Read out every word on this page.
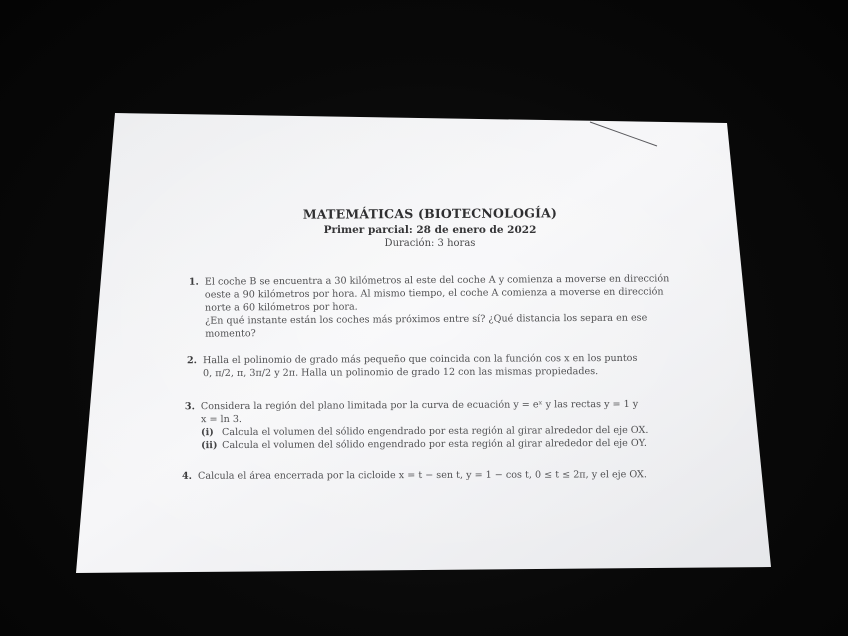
MATEMÁTICAS (BIOTECNOLOGÍA)
Primer parcial: 28 de enero de 2022
Duración: 3 horas
1. El coche B se encuentra a 30 kilómetros al este del coche A y comienza a moverse en dirección
oeste a 90 kilómetros por hora. Al mismo tiempo, el coche A comienza a moverse en dirección
norte a 60 kilómetros por hora.
¿En qué instante están los coches más próximos entre sí? ¿Qué distancia los separa en ese
momento?
2. Halla el polinomio de grado más pequeño que coincida con la función cos x en los puntos
0, π/2, π, 3π/2 y 2π. Halla un polinomio de grado 12 con las mismas propiedades.
3. Considera la región del plano limitada por la curva de ecuación y = eˣ y las rectas y = 1 y
x = ln 3.
(i) Calcula el volumen del sólido engendrado por esta región al girar alrededor del eje OX.
(ii) Calcula el volumen del sólido engendrado por esta región al girar alrededor del eje OY.
4. Calcula el área encerrada por la cicloide x = t − sen t, y = 1 − cos t, 0 ≤ t ≤ 2π, y el eje OX.
